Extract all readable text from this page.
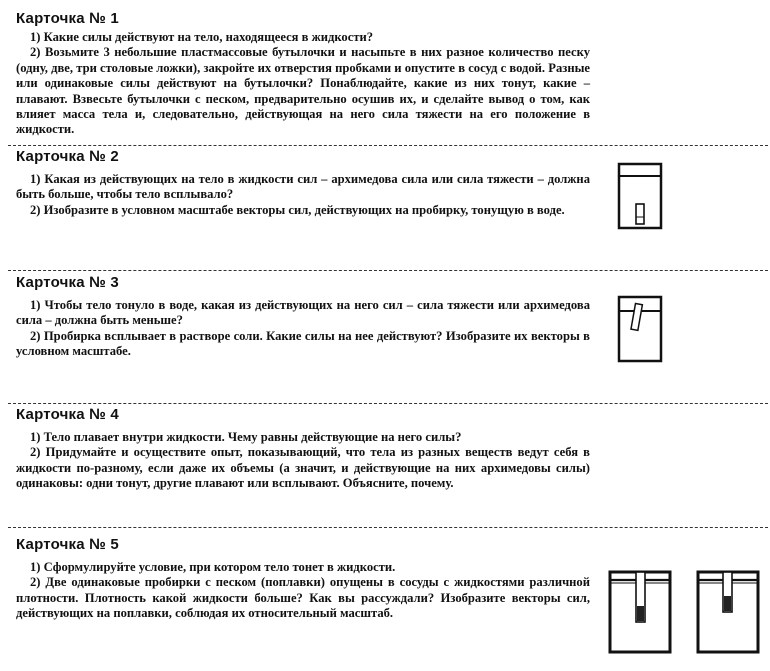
Карточка № 1

1) Какие силы действуют на тело, находящееся в жидкости?

2) Возьмите 3 небольшие пластмассовые бутылочки и насыпьте в них разное количество песку (одну, две, три столовые ложки), закройте их отверстия пробками и опустите в сосуд с водой. Разные или одинаковые силы действуют на бутылочки? Понаблюдайте, какие из них тонут, какие – плавают. Взвесьте бутылочки с песком, предварительно осушив их, и сделайте вывод о том, как влияет масса тела и, следовательно, действующая на него сила тяжести на его положение в жидкости.

Карточка № 2

1) Какая из действующих на тело в жидкости сил – архимедова сила или сила тяжести – должна быть больше, чтобы тело всплывало?

2) Изобразите в условном масштабе векторы сил, действующих на пробирку, тонущую в воде.

Карточка № 3

1) Чтобы тело тонуло в воде, какая из действующих на него сил – сила тяжести или архимедова сила – должна быть меньше?

2) Пробирка всплывает в растворе соли. Какие силы на нее действуют? Изобразите их векторы в условном масштабе.

Карточка № 4

1) Тело плавает внутри жидкости. Чему равны действующие на него силы?

2) Придумайте и осуществите опыт, показывающий, что тела из разных веществ ведут себя в жидкости по-разному, если даже их объемы (а значит, и действующие на них архимедовы силы) одинаковы: одни тонут, другие плавают или всплывают. Объясните, почему.

Карточка № 5

1) Сформулируйте условие, при котором тело тонет в жидкости.

2) Две одинаковые пробирки с песком (поплавки) опущены в сосуды с жидкостями различной плотности. Плотность какой жидкости больше? Как вы рассуждали? Изобразите векторы сил, действующих на поплавки, соблюдая их относительный масштаб.
